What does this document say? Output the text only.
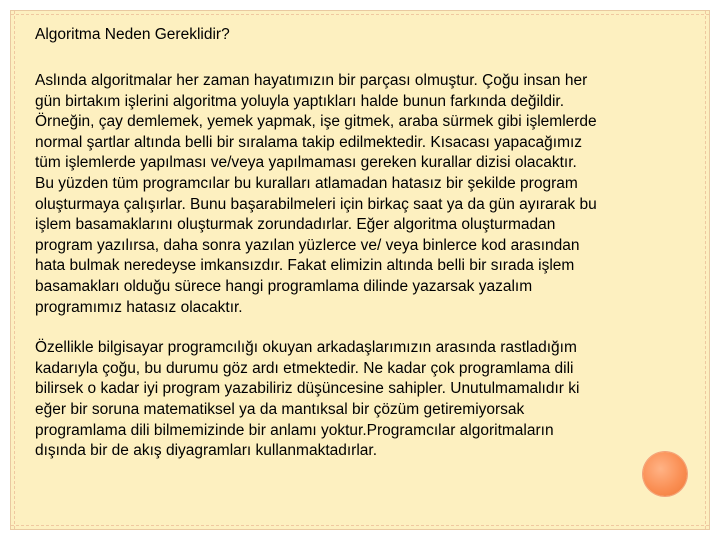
Algoritma Neden Gereklidir?

Aslında algoritmalar her zaman hayatımızın bir parçası olmuştur. Çoğu insan her
gün birtakım işlerini algoritma yoluyla yaptıkları halde bunun farkında değildir.
Örneğin, çay demlemek, yemek yapmak, işe gitmek, araba sürmek gibi işlemlerde
normal şartlar altında belli bir sıralama takip edilmektedir. Kısacası yapacağımız
tüm işlemlerde yapılması ve/veya yapılmaması gereken kurallar dizisi olacaktır.
Bu yüzden tüm programcılar bu kuralları atlamadan hatasız bir şekilde program
oluşturmaya çalışırlar. Bunu başarabilmeleri için birkaç saat ya da gün ayırarak bu
işlem basamaklarını oluşturmak zorundadırlar. Eğer algoritma oluşturmadan
program yazılırsa, daha sonra yazılan yüzlerce ve/ veya binlerce kod arasından
hata bulmak neredeyse imkansızdır. Fakat elimizin altında belli bir sırada işlem
basamakları olduğu sürece hangi programlama dilinde yazarsak yazalım
programımız hatasız olacaktır.

Özellikle bilgisayar programcılığı okuyan arkadaşlarımızın arasında rastladığım
kadarıyla çoğu, bu durumu göz ardı etmektedir. Ne kadar çok programlama dili
bilirsek o kadar iyi program yazabiliriz düşüncesine sahipler. Unutulmamalıdır ki
eğer bir soruna matematiksel ya da mantıksal bir çözüm getiremiyorsak
programlama dili bilmemizinde bir anlamı yoktur.Programcılar algoritmaların
dışında bir de akış diyagramları kullanmaktadırlar.
